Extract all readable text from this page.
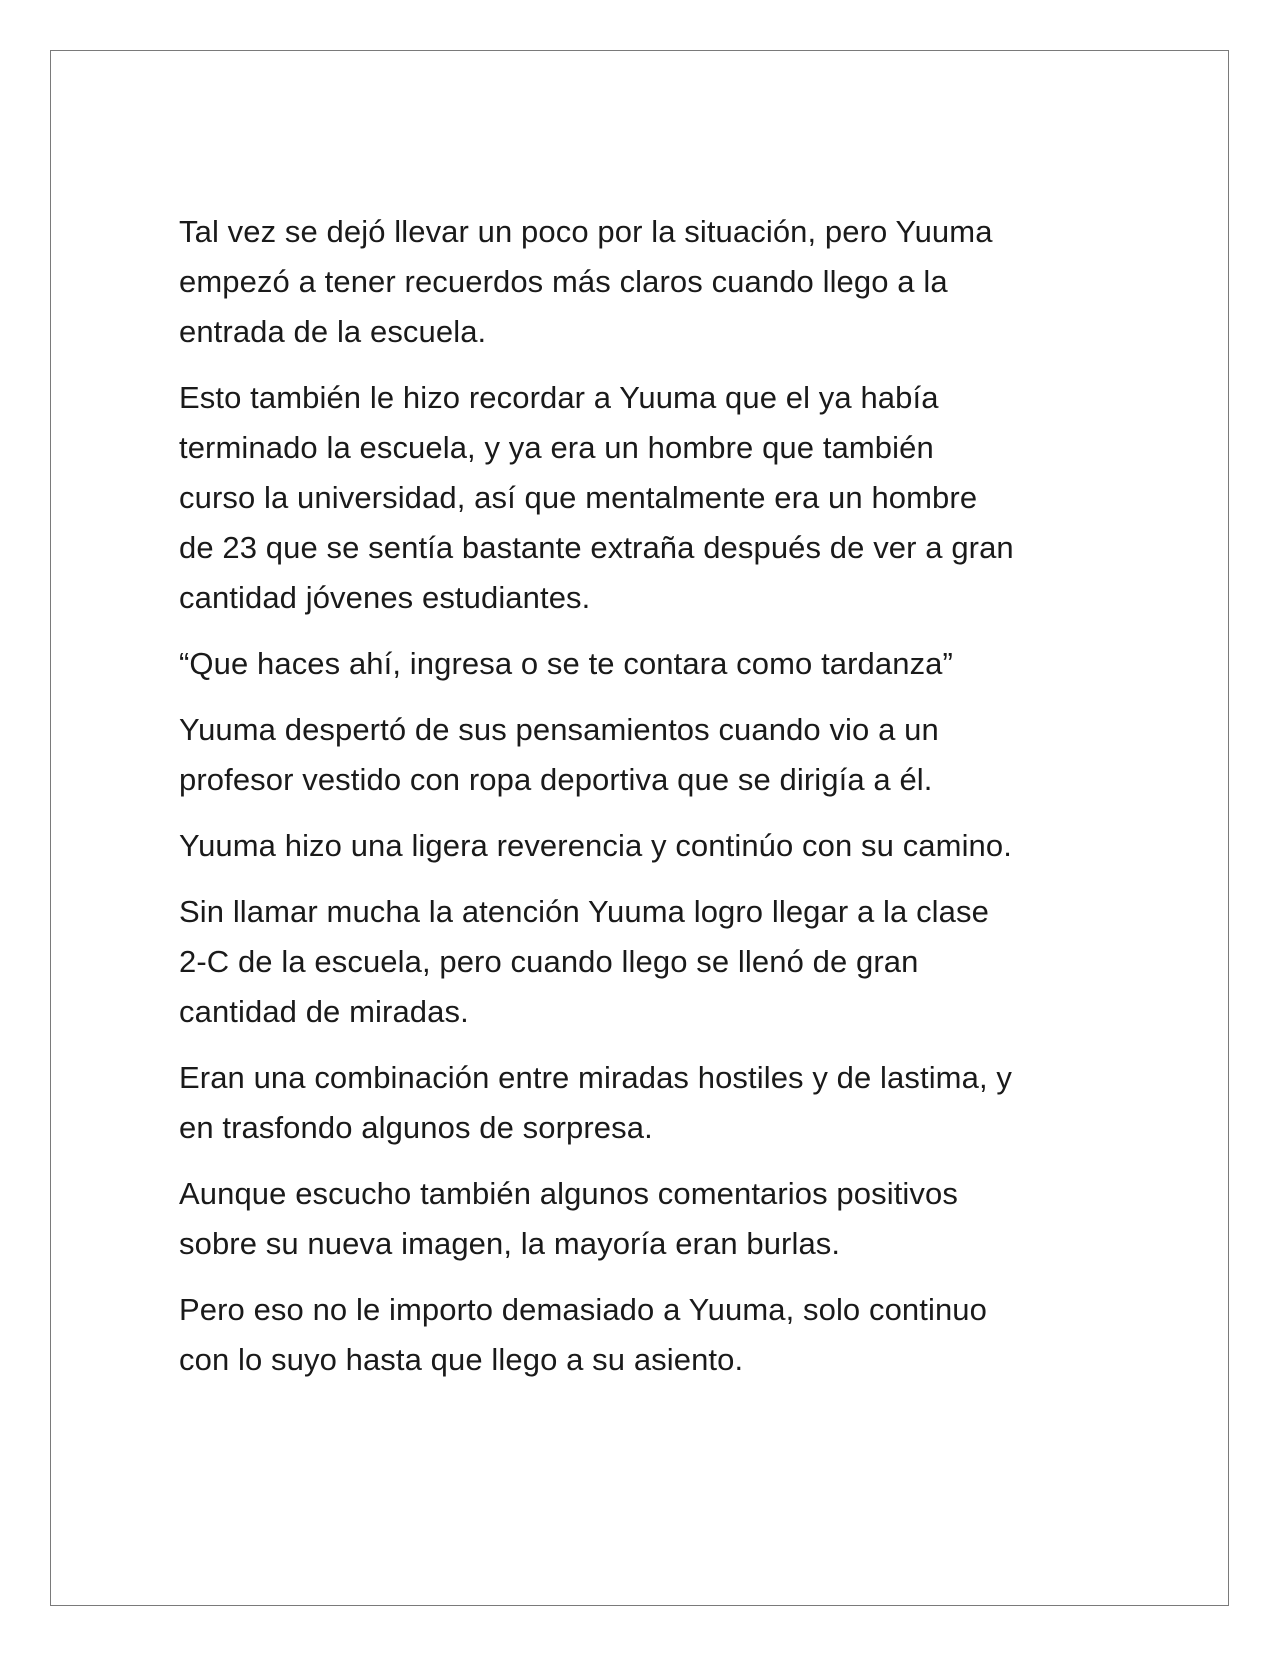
Tal vez se dejó llevar un poco por la situación, pero Yuuma
empezó a tener recuerdos más claros cuando llego a la
entrada de la escuela.

Esto también le hizo recordar a Yuuma que el ya había
terminado la escuela, y ya era un hombre que también
curso la universidad, así que mentalmente era un hombre
de 23 que se sentía bastante extraña después de ver a gran
cantidad jóvenes estudiantes.

“Que haces ahí, ingresa o se te contara como tardanza”

Yuuma despertó de sus pensamientos cuando vio a un
profesor vestido con ropa deportiva que se dirigía a él.

Yuuma hizo una ligera reverencia y continúo con su camino.

Sin llamar mucha la atención Yuuma logro llegar a la clase
2-C de la escuela, pero cuando llego se llenó de gran
cantidad de miradas.

Eran una combinación entre miradas hostiles y de lastima, y
en trasfondo algunos de sorpresa.

Aunque escucho también algunos comentarios positivos
sobre su nueva imagen, la mayoría eran burlas.

Pero eso no le importo demasiado a Yuuma, solo continuo
con lo suyo hasta que llego a su asiento.
